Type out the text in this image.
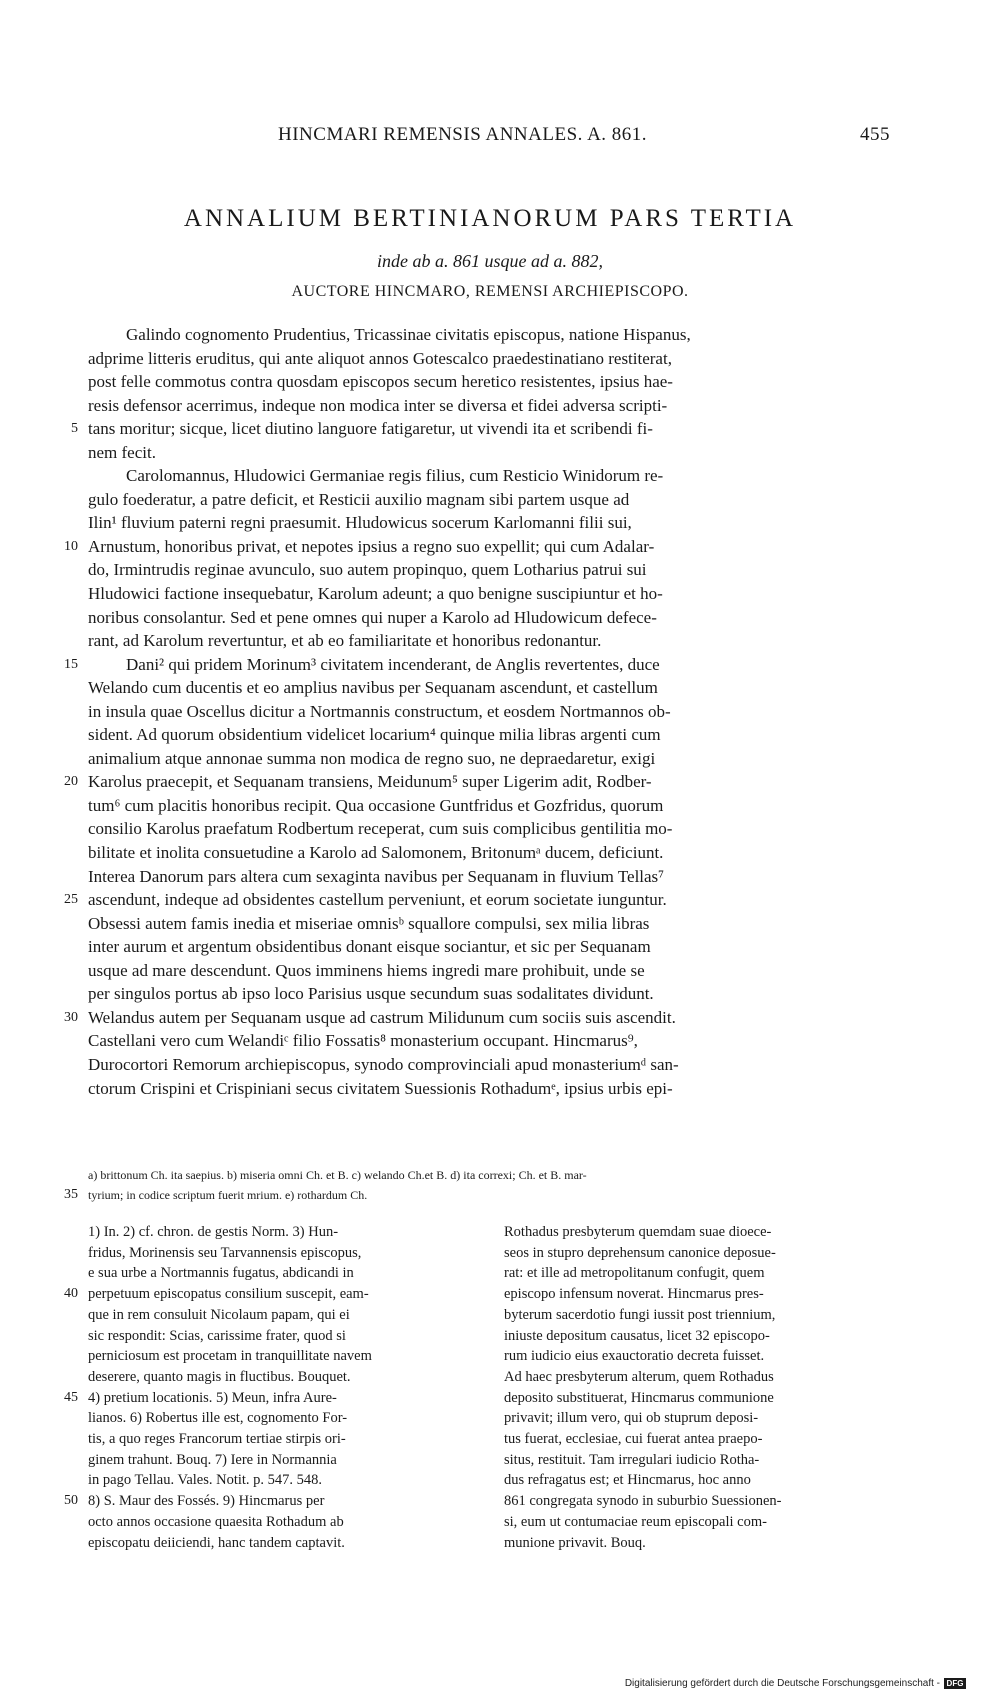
HINCMARI REMENSIS ANNALES. A. 861.	455
ANNALIUM BERTINIANORUM PARS TERTIA
inde ab a. 861 usque ad a. 882,
AUCTORE HINCMARO, REMENSI ARCHIEPISCOPO.
Galindo cognomento Prudentius, Tricassinae civitatis episcopus, natione Hispanus,
adprime litteris eruditus, qui ante aliquot annos Gotescalco praedestinatiano restiterat,
post felle commotus contra quosdam episcopos secum heretico resistentes, ipsius hae-
resis defensor acerrimus, indeque non modica inter se diversa et fidei adversa scripti-
5 tans moritur; sicque, licet diutino languore fatigaretur, ut vivendi ita et scribendi fi-
nem fecit.
Carolomannus, Hludowici Germaniae regis filius, cum Resticio Winidorum re-
gulo foederatur, a patre deficit, et Resticii auxilio magnam sibi partem usque ad
Ilin¹ fluvium paterni regni praesumit. Hludowicus socerum Karlomanni filii sui,
10 Arnustum, honoribus privat, et nepotes ipsius a regno suo expellit; qui cum Adalar-
do, Irmintrudis reginae avunculo, suo autem propinquo, quem Lotharius patrui sui
Hludowici factione insequebatur, Karolum adeunt; a quo benigne suscipiuntur et ho-
noribus consolantur. Sed et pene omnes qui nuper a Karolo ad Hludowicum defece-
rant, ad Karolum revertuntur, et ab eo familiaritate et honoribus redonantur.
15	Dani² qui pridem Morinum³ civitatem incenderant, de Anglis revertentes, duce
Welando cum ducentis et eo amplius navibus per Sequanam ascendunt, et castellum
in insula quae Oscellus dicitur a Nortmannis constructum, et eosdem Nortmannos ob-
sident. Ad quorum obsidentium videlicet locarium⁴ quinque milia libras argenti cum
animalium atque annonae summa non modica de regno suo, ne depraedaretur, exigi
20 Karolus praecepit, et Sequanam transiens, Meidunum⁵ super Ligerim adit, Rodber-
tum⁶ cum placitis honoribus recipit. Qua occasione Guntfridus et Gozfridus, quorum
consilio Karolus praefatum Rodbertum receperat, cum suis complicibus gentilitia mo-
bilitate et inolita consuetudine a Karolo ad Salomonem, Britonumᵃ ducem, deficiunt.
Interea Danorum pars altera cum sexaginta navibus per Sequanam in fluvium Tellas⁷
25 ascendunt, indeque ad obsidentes castellum perveniunt, et eorum societate iunguntur.
Obsessi autem famis inedia et miseriae omnisᵇ squallore compulsi, sex milia libras
inter aurum et argentum obsidentibus donant eisque sociantur, et sic per Sequanam
usque ad mare descendunt. Quos imminens hiems ingredi mare prohibuit, unde se
per singulos portus ab ipso loco Parisius usque secundum suas sodalitates dividunt.
30 Welandus autem per Sequanam usque ad castrum Milidunum cum sociis suis ascendit.
Castellani vero cum Welandiᶜ filio Fossatis⁸ monasterium occupant. Hincmarus⁹,
Durocortori Remorum archiepiscopus, synodo comprovinciali apud monasteriumᵈ san-
ctorum Crispini et Crispiniani secus civitatem Suessionis Rothadumᵉ, ipsius urbis epi-
a) brittonum Ch. ita saepius. b) miseria omni Ch. et B. c) welando Ch.et B. d) ita correxi; Ch. et B. mar-
35 tyrium; in codice scriptum fuerit mrium. e) rothardum Ch.
1) In. 2) cf. chron. de gestis Norm. 3) Hun-
fridus, Morinensis seu Tarvannensis episcopus,
e sua urbe a Nortmannis fugatus, abdicandi in
40 perpetuum episcopatus consilium suscepit, eam-
que in rem consuluit Nicolaum papam, qui ei
sic respondit: Scias, carissime frater, quod si
perniciosum est procetam in tranquillitate navem
deserere, quanto magis in fluctibus. Bouquet.
45 4) pretium locationis. 5) Meun, infra Aure-
lianos. 6) Robertus ille est, cognomento For-
tis, a quo reges Francorum tertiae stirpis ori-
ginem trahunt. Bouq. 7) Iere in Normannia
in pago Tellau. Vales. Notit. p. 547. 548.
50 8) S. Maur des Fossés. 9) Hincmarus per
octo annos occasione quaesita Rothadum ab
episcopatu deiiciendi, hanc tandem captavit.
Rothadus presbyterum quemdam suae dioece-
seos in stupro deprehensum canonice deposue-
rat: et ille ad metropolitanum confugit, quem
episcopo infensum noverat. Hincmarus pres-
byterum sacerdotio fungi iussit post triennium,
iniuste depositum causatus, licet 32 episcopo-
rum iudicio eius exauctoratio decreta fuisset.
Ad haec presbyterum alterum, quem Rothadus
deposito substituerat, Hincmarus communione
privavit; illum vero, qui ob stuprum deposi-
tus fuerat, ecclesiae, cui fuerat antea praepo-
situs, restituit. Tam irregulari iudicio Rotha-
dus refragatus est; et Hincmarus, hoc anno
861 congregata synodo in suburbio Suessionen-
si, eum ut contumaciae reum episcopali com-
munione privavit. Bouq.
Digitalisierung gefördert durch die Deutsche Forschungsgemeinschaft - DFG
